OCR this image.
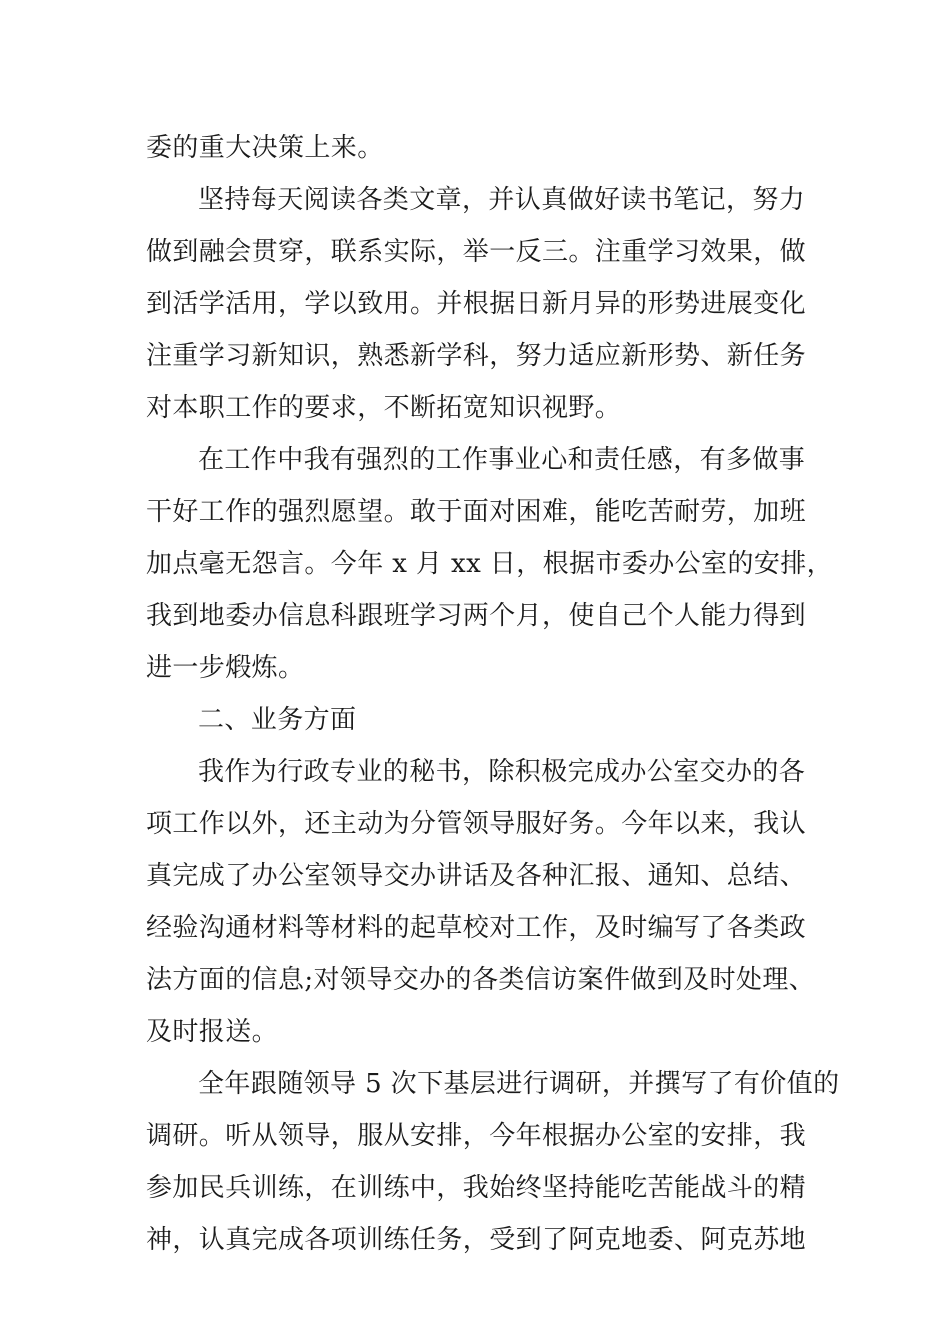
委的重大决策上来。
坚持每天阅读各类文章，并认真做好读书笔记，努力
做到融会贯穿，联系实际，举一反三。注重学习效果，做
到活学活用，学以致用。并根据日新月异的形势进展变化
注重学习新知识，熟悉新学科，努力适应新形势、新任务
对本职工作的要求，不断拓宽知识视野。
在工作中我有强烈的工作事业心和责任感，有多做事
干好工作的强烈愿望。敢于面对困难，能吃苦耐劳，加班
加点毫无怨言。今年 x 月 xx 日，根据市委办公室的安排，
我到地委办信息科跟班学习两个月，使自己个人能力得到
进一步煅炼。
二、业务方面
我作为行政专业的秘书，除积极完成办公室交办的各
项工作以外，还主动为分管领导服好务。今年以来，我认
真完成了办公室领导交办讲话及各种汇报、通知、总结、
经验沟通材料等材料的起草校对工作，及时编写了各类政
法方面的信息;对领导交办的各类信访案件做到及时处理、
及时报送。
全年跟随领导 5 次下基层进行调研，并撰写了有价值的
调研。听从领导，服从安排，今年根据办公室的安排，我
参加民兵训练，在训练中，我始终坚持能吃苦能战斗的精
神，认真完成各项训练任务，受到了阿克地委、阿克苏地
